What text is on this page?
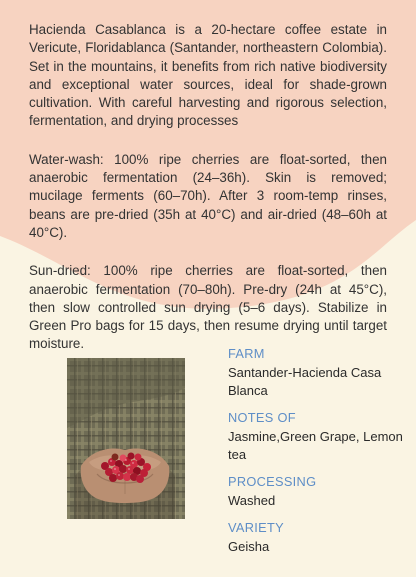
Hacienda Casablanca is a 20-hectare coffee estate in Vericute, Floridablanca (Santander, northeastern Colombia). Set in the mountains, it benefits from rich native biodiversity and exceptional water sources, ideal for shade-grown cultivation. With careful harvesting and rigorous selection, fermentation, and drying processes

Water-wash: 100% ripe cherries are float-sorted, then anaerobic fermentation (24–36h). Skin is removed; mucilage ferments (60–70h). After 3 room-temp rinses, beans are pre-dried (35h at 40°C) and air-dried (48–60h at 40°C).

Sun-dried: 100% ripe cherries are float-sorted, then anaerobic fermentation (70–80h). Pre-dry (24h at 45°C), then slow controlled sun drying (5–6 days). Stabilize in Green Pro bags for 15 days, then resume drying until target moisture.

FARM
Santander-Hacienda Casa Blanca
NOTES OF
Jasmine,Green Grape, Lemon tea
PROCESSING
Washed
VARIETY
Geisha
